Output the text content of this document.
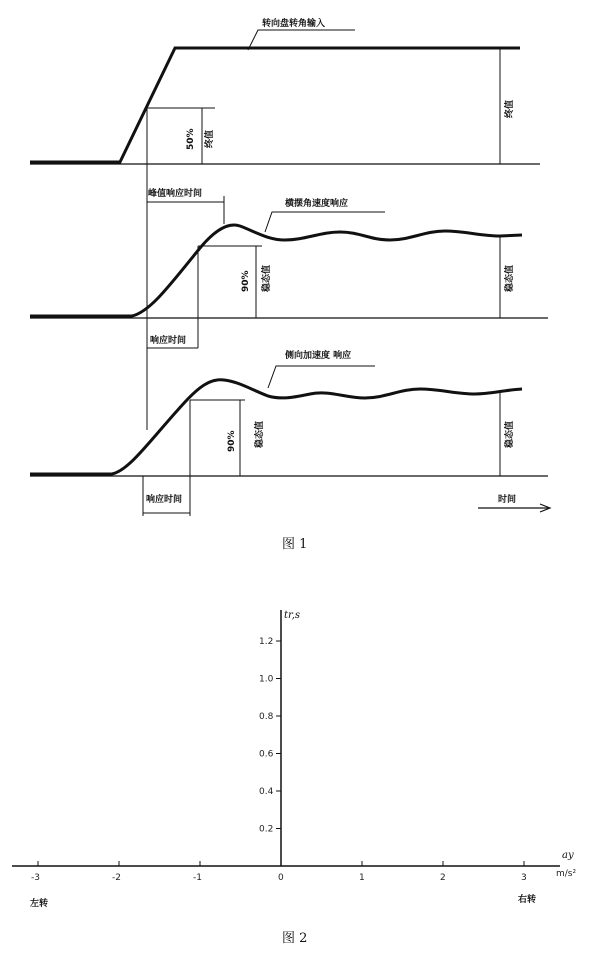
转向盘转角输入
终值
50% 终值
峰值响应时间
横摆角速度响应
90% 稳态值	稳态值
响应时间
侧向加速度 响应
90% 稳态值	稳态值
响应时间	时间
图 1
1.2
1.0
0.8
0.6
0.4
0.2
-3	-2	-1	0	1	2	3
tr,s
ay
m/s²
左转	右转
图 2
